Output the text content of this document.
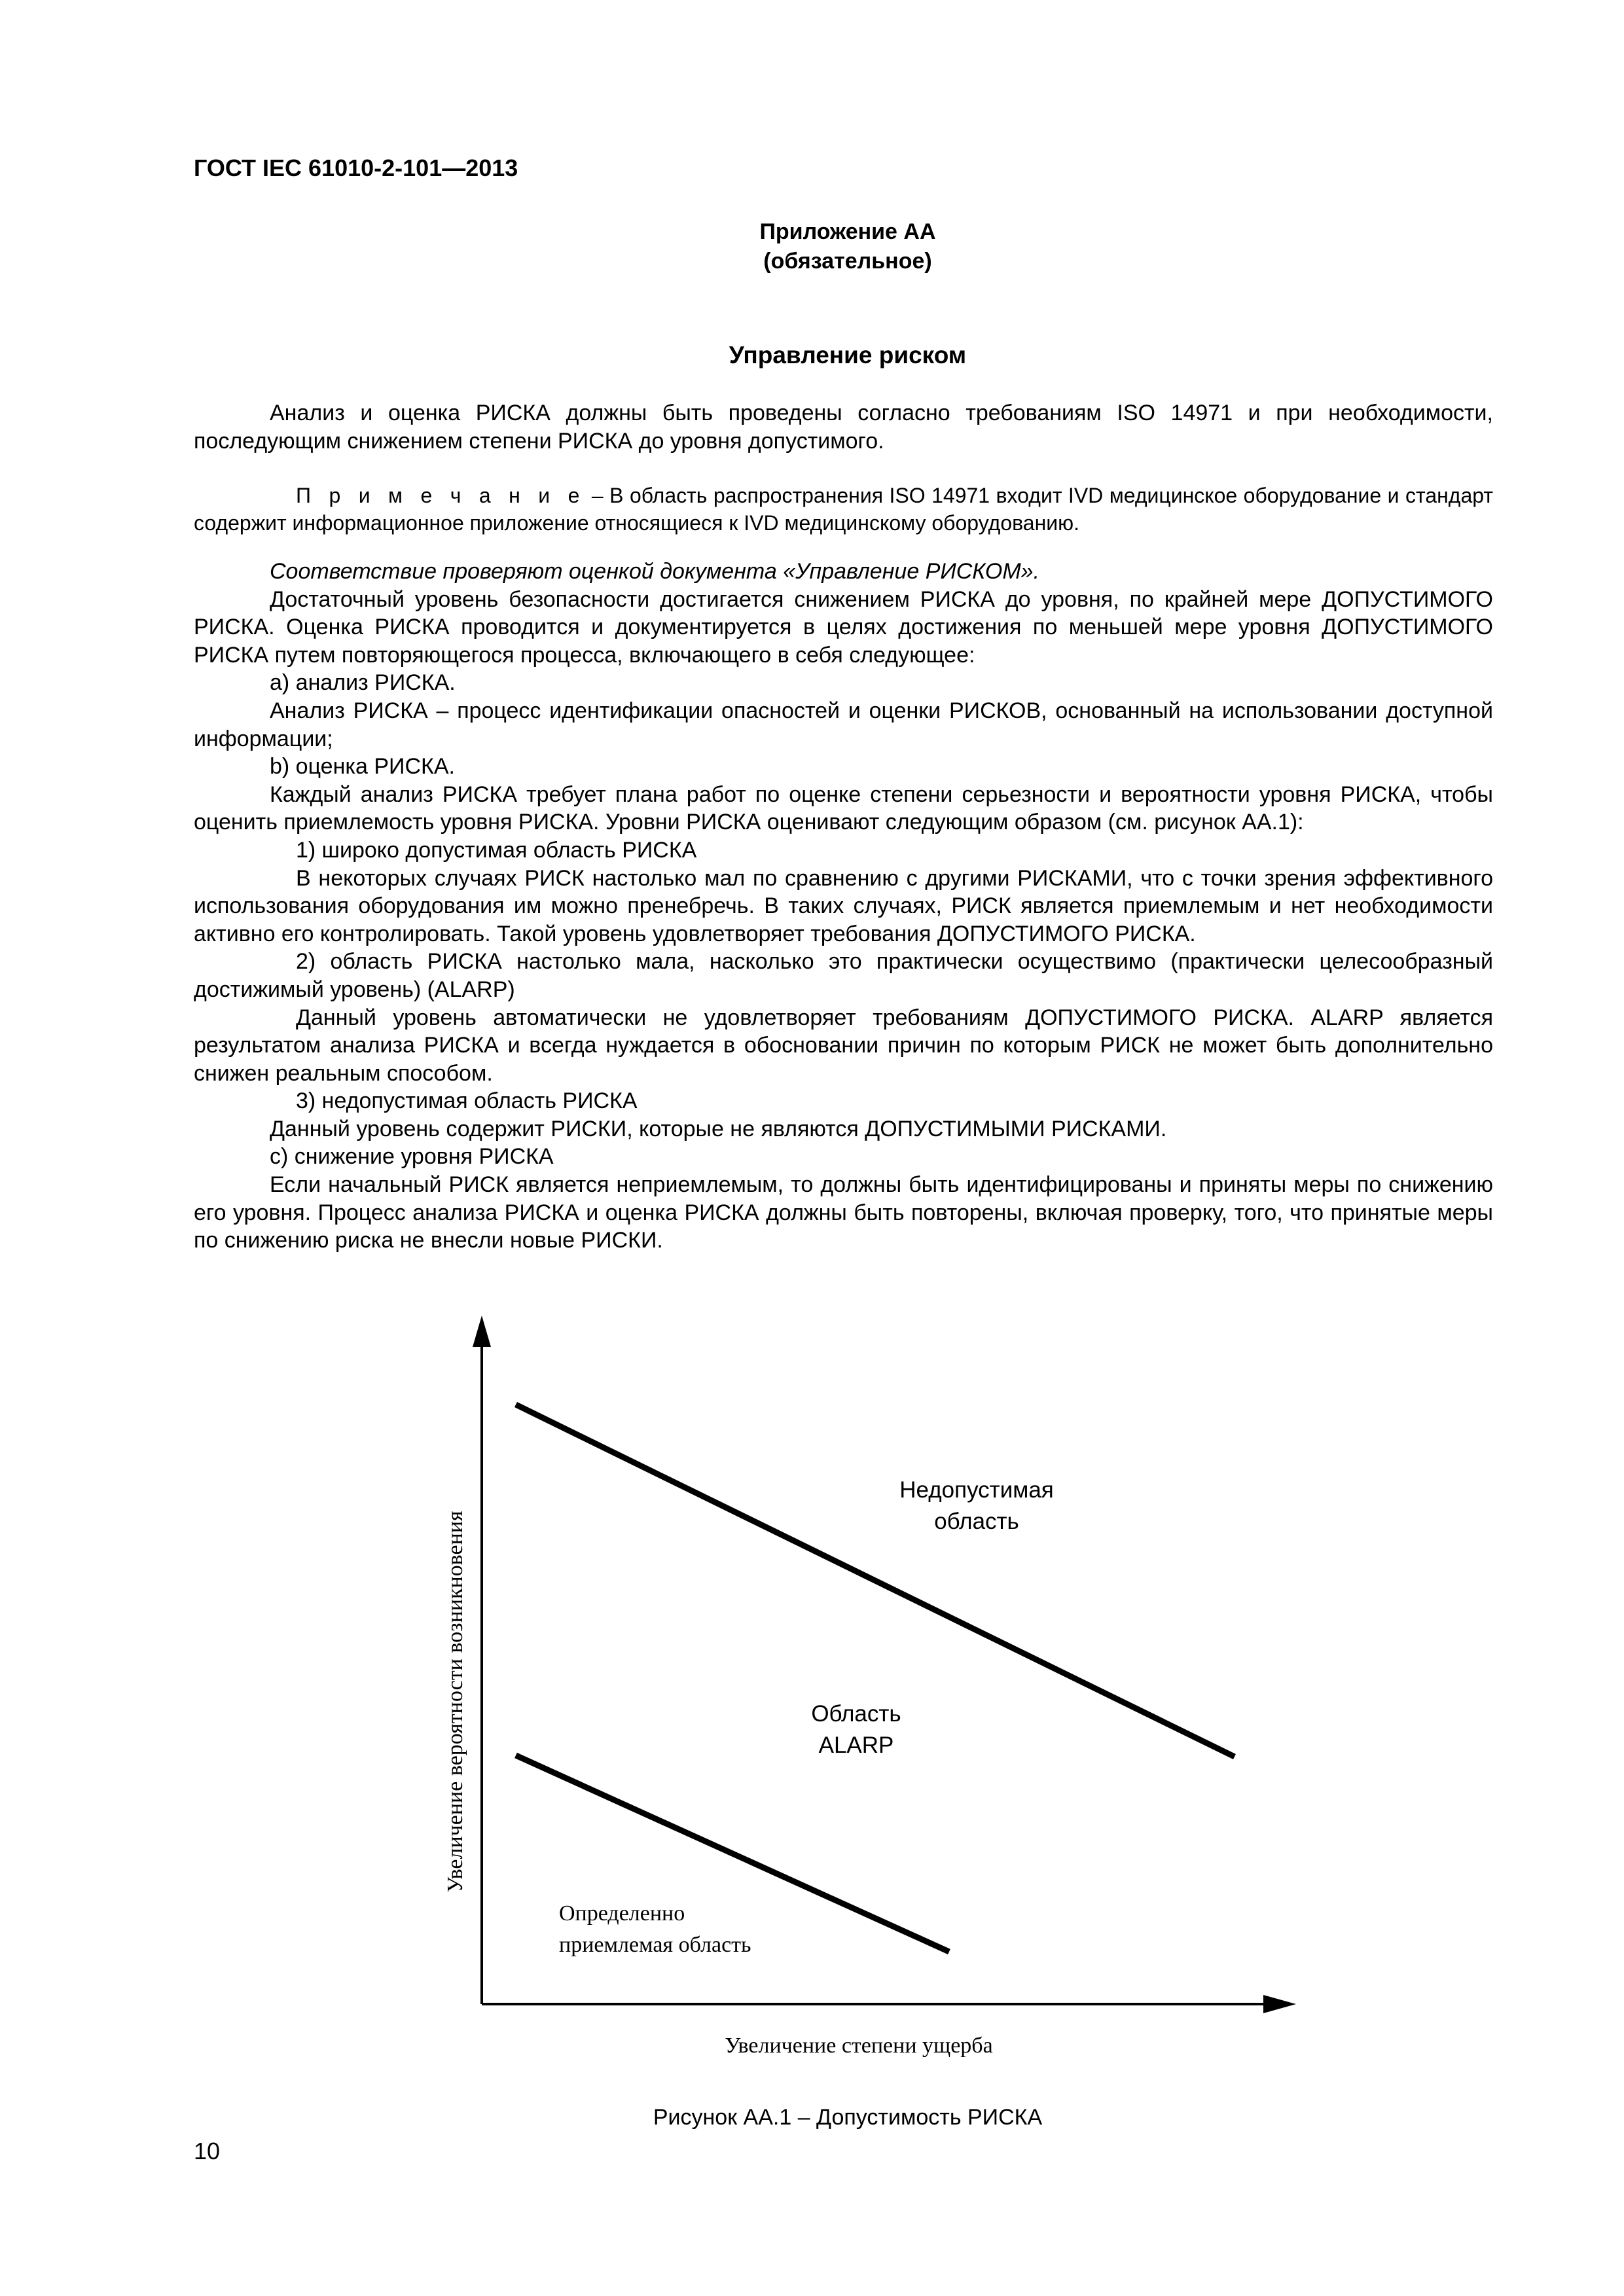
ГОСТ IEC 61010-2-101—2013
Приложение АА
(обязательное)
Управление риском

Анализ и оценка РИСКА должны быть проведены согласно требованиям ISO 14971 и при необходимости, последующим снижением степени РИСКА до уровня допустимого.

П р и м е ч а н и е – В область распространения ISO 14971 входит IVD медицинское оборудование и стандарт содержит информационное приложение относящиеся к IVD медицинскому оборудованию.

Соответствие проверяют оценкой документа «Управление РИСКОМ».

Достаточный уровень безопасности достигается снижением РИСКА до уровня, по крайней мере ДОПУСТИМОГО РИСКА. Оценка РИСКА проводится и документируется в целях достижения по меньшей мере уровня ДОПУСТИМОГО РИСКА путем повторяющегося процесса, включающего в себя следующее:

а) анализ РИСКА.

Анализ РИСКА – процесс идентификации опасностей и оценки РИСКОВ, основанный на использовании доступной информации;

b) оценка РИСКА.

Каждый анализ РИСКА требует плана работ по оценке степени серьезности и вероятности уровня РИСКА, чтобы оценить приемлемость уровня РИСКА. Уровни РИСКА оценивают следующим образом (см. рисунок АА.1):

1) широко допустимая область РИСКА

В некоторых случаях РИСК настолько мал по сравнению с другими РИСКАМИ, что с точки зрения эффективного использования оборудования им можно пренебречь. В таких случаях, РИСК является приемлемым и нет необходимости активно его контролировать. Такой уровень удовлетворяет требования ДОПУСТИМОГО РИСКА.

2) область РИСКА настолько мала, насколько это практически осуществимо (практически целесообразный достижимый уровень) (ALARP)

Данный уровень автоматически не удовлетворяет требованиям ДОПУСТИМОГО РИСКА. ALARP является результатом анализа РИСКА и всегда нуждается в обосновании причин по которым РИСК не может быть дополнительно снижен реальным способом.

3) недопустимая область РИСКА

Данный уровень содержит РИСКИ, которые не являются ДОПУСТИМЫМИ РИСКАМИ.

с) снижение уровня РИСКА

Если начальный РИСК является неприемлемым, то должны быть идентифицированы и приняты меры по снижению его уровня. Процесс анализа РИСКА и оценка РИСКА должны быть повторены, включая проверку, того, что принятые меры по снижению риска не внесли новые РИСКИ.

Увеличение вероятности возникновения
Увеличение степени ущерба
Недопустимая
область
Область
ALARP
Определенно
приемлемая область
Рисунок АА.1 – Допустимость РИСКА
10
